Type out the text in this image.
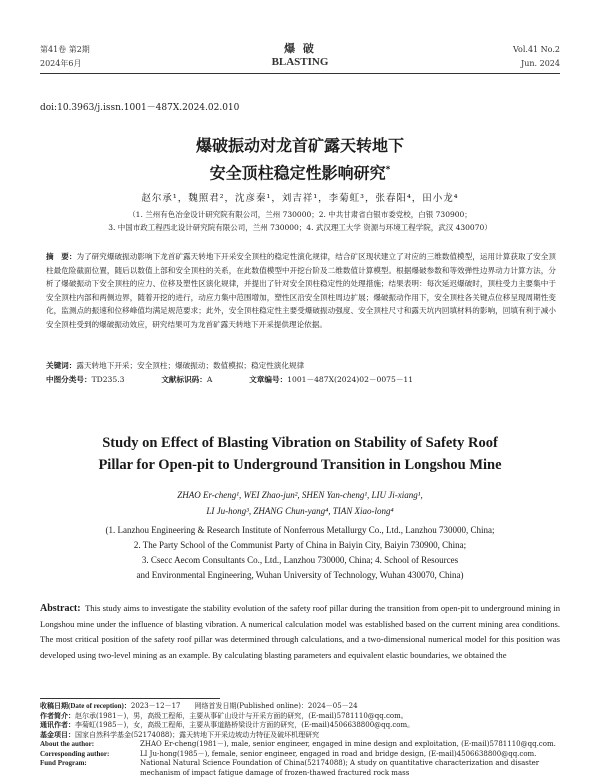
第41卷 第2期
2024年6月
爆 破
BLASTING
Vol.41 No.2
Jun. 2024
doi:10.3963/j.issn.1001－487X.2024.02.010
爆破振动对龙首矿露天转地下
安全顶柱稳定性影响研究*
赵尔承¹，魏照君²，沈彦秦¹，刘吉祥¹，李菊虹³，张春阳⁴，田小龙⁴
（1. 兰州有色冶金设计研究院有限公司，兰州 730000；2. 中共甘肃省白银市委党校，白银 730900；
3. 中国市政工程西北设计研究院有限公司，兰州 730000；4. 武汉理工大学 资源与环境工程学院，武汉 430070）
摘　要：为了研究爆破振动影响下龙首矿露天转地下开采安全顶柱的稳定性演化规律，结合矿区现状建立了对应的三维数值模型，运用计算获取了安全顶柱最危险截面位置，随后以数值上部和安全顶柱的关系，在此数值模型中开挖台阶及二维数值计算模型。根据爆破参数和等效弹性边界动力计算方法，分析了爆破振动下安全顶柱的应力、位移及塑性区演化规律，并提出了针对安全顶柱稳定性的处理措施；结果表明：每次延迟爆破时，顶柱受力主要集中于安全顶柱内部和两侧边界，随着开挖的进行，动应力集中范围增加，塑性区沿安全顶柱周边扩展；爆破振动作用下，安全顶柱各关键点位移呈现周期性变化，监测点的振速和位移峰值均满足规范要求；此外，安全顶柱稳定性主要受爆破振动强度、安全顶柱尺寸和露天坑内回填材料的影响，回填有利于减小安全顶柱受到的爆破振动效应，研究结果可为龙首矿露天转地下开采提供理论依据。
关键词：露天转地下开采；安全顶柱；爆破振动；数值模拟；稳定性演化规律
中图分类号：TD235.3	文献标识码：A	文章编号：1001－487X(2024)02－0075－11
Study on Effect of Blasting Vibration on Stability of Safety Roof
Pillar for Open-pit to Underground Transition in Longshou Mine
ZHAO Er-cheng¹, WEI Zhao-jun², SHEN Yan-cheng¹, LIU Ji-xiang¹,
LI Ju-hong³, ZHANG Chun-yang⁴, TIAN Xiao-long⁴
(1. Lanzhou Engineering & Research Institute of Nonferrous Metallurgy Co., Ltd., Lanzhou 730000, China;
2. The Party School of the Communist Party of China in Baiyin City, Baiyin 730900, China;
3. Csecc Aecom Consultants Co., Ltd., Lanzhou 730000, China; 4. School of Resources
and Environmental Engineering, Wuhan University of Technology, Wuhan 430070, China)
Abstract: This study aims to investigate the stability evolution of the safety roof pillar during the transition from open-pit to underground mining in Longshou mine under the influence of blasting vibration. A numerical calculation model was established based on the current mining area conditions. The most critical position of the safety roof pillar was determined through calculations, and a two-dimensional numerical model for this position was developed using two-level mining as an example. By calculating blasting parameters and equivalent elastic boundaries, we obtained the
收稿日期(Date of reception)： 2023－12－17　　网络首发日期(Published online)：2024－05－24
作者简介： 赵尔承(1981－)，男，高级工程师，主要从事矿山设计与开采方面的研究，(E-mail)5781110@qq.com。
通讯作者： 李菊虹(1985－)，女，高级工程师，主要从事道路桥梁设计方面的研究，(E-mail)4506638800@qq.com。
基金项目： 国家自然科学基金(52174088)；露天转地下开采边坡动力特征及破坏机理研究
About the author:	ZHAO Er-cheng(1981－), male, senior engineer, engaged in mine design and exploitation, (E-mail)5781110@qq.com.
Corresponding author:	LI Ju-hong(1985－), female, senior engineer, engaged in road and bridge design, (E-mail)4506638800@qq.com.
Fund Program:	National Natural Science Foundation of China(52174088); A study on quantitative characterization and disaster mechanism of impact fatigue damage of frozen-thawed fractured rock mass
